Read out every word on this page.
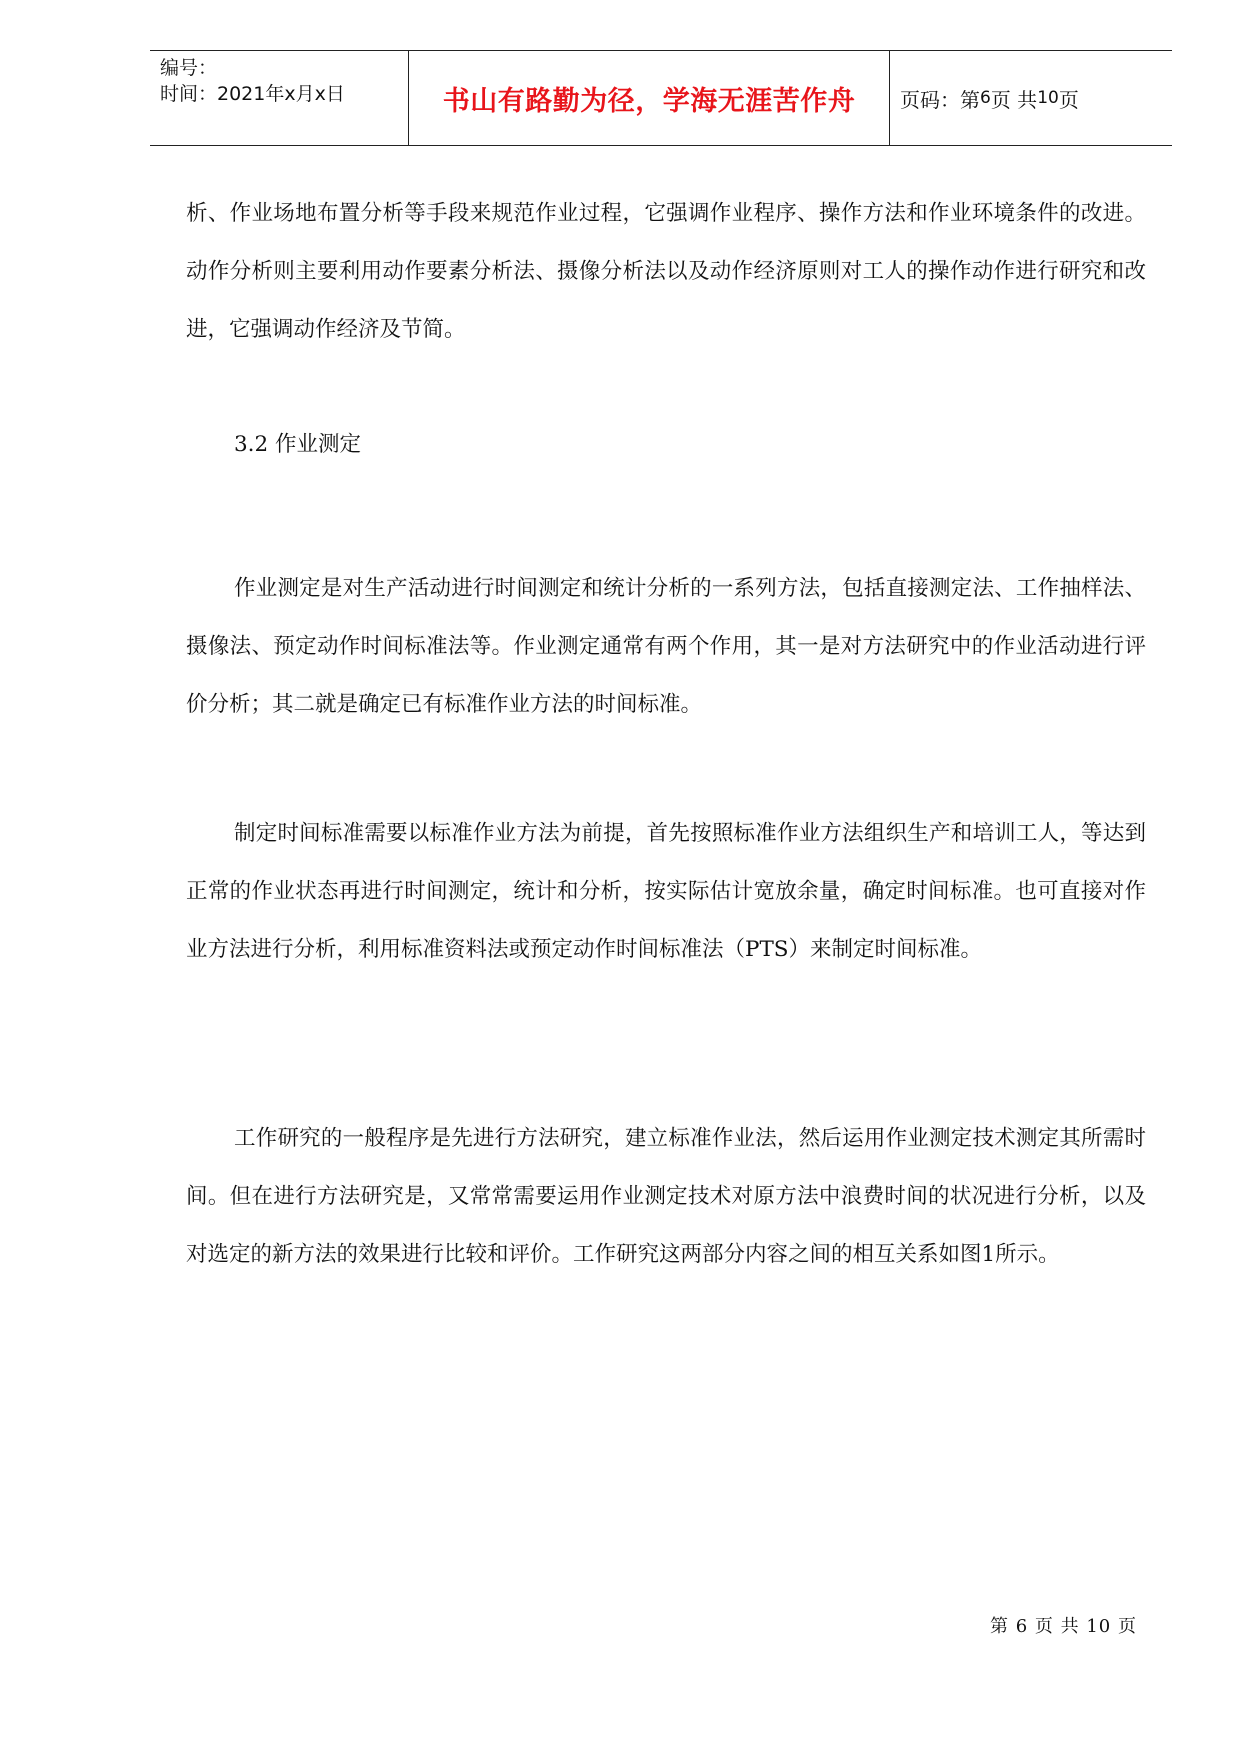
编号：
时间：2021年x月x日	书山有路勤为径，学海无涯苦作舟 页码：第 6 页 共 10 页

析、作业场地布置分析等手段来规范作业过程，它强调作业程序、操作方法和作业环境条件的改进。动作分析则主要利用动作要素分析法、摄像分析法以及动作经济原则对工人的操作动作进行研究和改进，它强调动作经济及节简。

3.2 作业测定

作业测定是对生产活动进行时间测定和统计分析的一系列方法，包括直接测定法、工作抽样法、摄像法、预定动作时间标准法等。作业测定通常有两个作用，其一是对方法研究中的作业活动进行评价分析；其二就是确定已有标准作业方法的时间标准。

制定时间标准需要以标准作业方法为前提，首先按照标准作业方法组织生产和培训工人，等达到正常的作业状态再进行时间测定，统计和分析，按实际估计宽放余量，确定时间标准。也可直接对作业方法进行分析，利用标准资料法或预定动作时间标准法（PTS）来制定时间标准。

工作研究的一般程序是先进行方法研究，建立标准作业法，然后运用作业测定技术测定其所需时间。但在进行方法研究是，又常常需要运用作业测定技术对原方法中浪费时间的状况进行分析，以及对选定的新方法的效果进行比较和评价。工作研究这两部分内容之间的相互关系如图1所示。

第 6 页 共 10 页
